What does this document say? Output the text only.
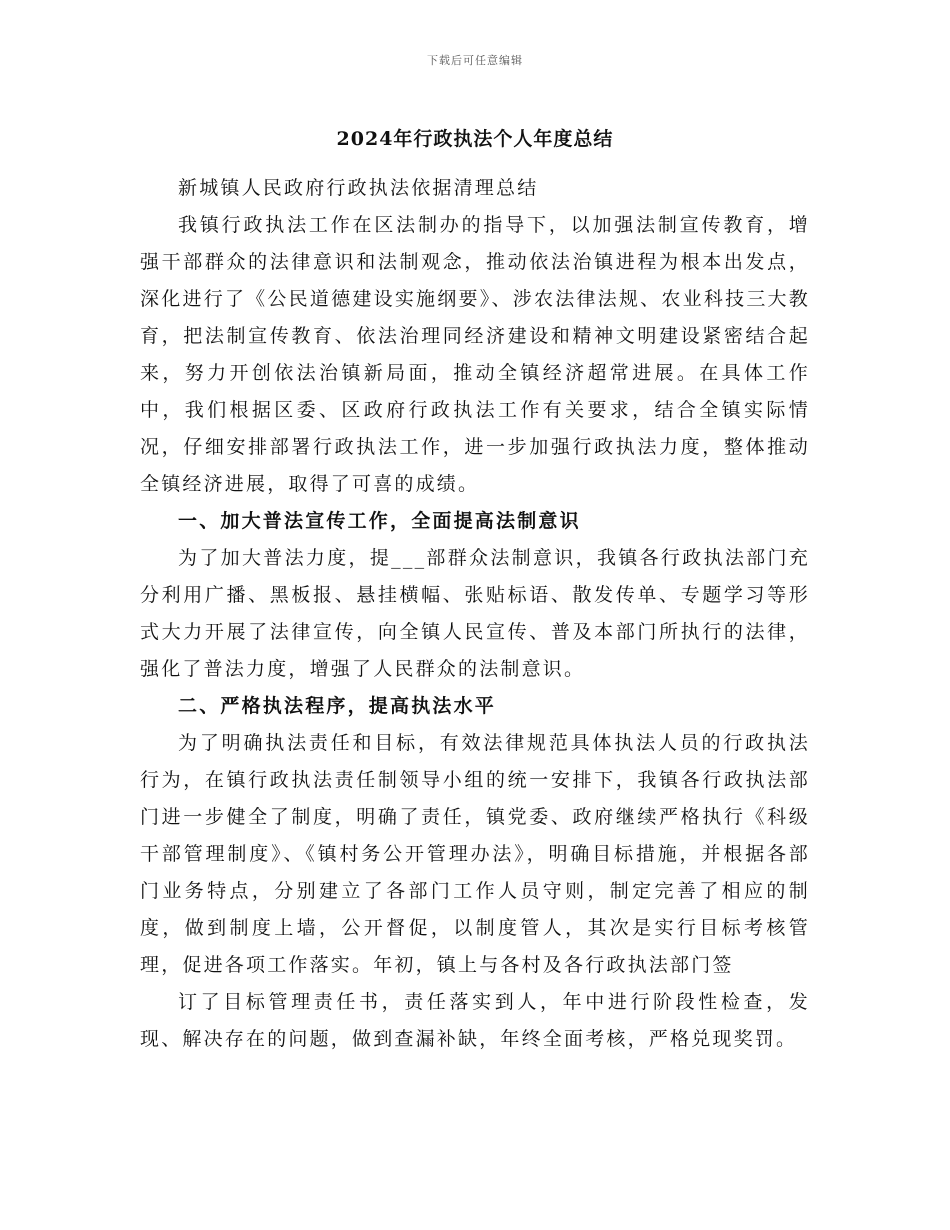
下载后可任意编辑
2024年行政执法个人年度总结

新城镇人民政府行政执法依据清理总结

我镇行政执法工作在区法制办的指导下，以加强法制宣传教育，增强干部群众的法律意识和法制观念，推动依法治镇进程为根本出发点，深化进行了《公民道德建设实施纲要》、涉农法律法规、农业科技三大教育，把法制宣传教育、依法治理同经济建设和精神文明建设紧密结合起来，努力开创依法治镇新局面，推动全镇经济超常进展。在具体工作中，我们根据区委、区政府行政执法工作有关要求，结合全镇实际情况，仔细安排部署行政执法工作，进一步加强行政执法力度，整体推动全镇经济进展，取得了可喜的成绩。

一、加大普法宣传工作，全面提高法制意识

为了加大普法力度，提___部群众法制意识，我镇各行政执法部门充分利用广播、黑板报、悬挂横幅、张贴标语、散发传单、专题学习等形式大力开展了法律宣传，向全镇人民宣传、普及本部门所执行的法律，强化了普法力度，增强了人民群众的法制意识。

二、严格执法程序，提高执法水平

为了明确执法责任和目标，有效法律规范具体执法人员的行政执法行为，在镇行政执法责任制领导小组的统一安排下，我镇各行政执法部门进一步健全了制度，明确了责任，镇党委、政府继续严格执行《科级干部管理制度》、《镇村务公开管理办法》，明确目标措施，并根据各部门业务特点，分别建立了各部门工作人员守则，制定完善了相应的制度，做到制度上墙，公开督促，以制度管人，其次是实行目标考核管理，促进各项工作落实。年初，镇上与各村及各行政执法部门签

订了目标管理责任书，责任落实到人，年中进行阶段性检查，发现、解决存在的问题，做到查漏补缺，年终全面考核，严格兑现奖罚。
